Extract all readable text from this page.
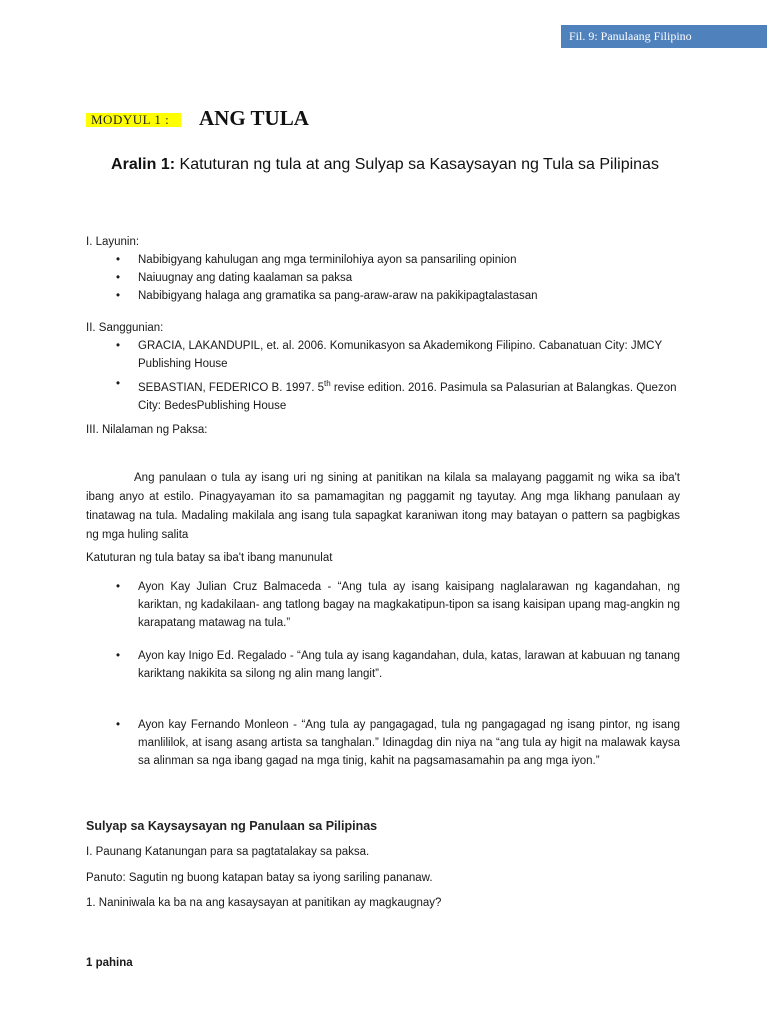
Fil. 9: Panulaang Filipino
MODYUL 1 : ANG TULA
Aralin 1: Katuturan ng tula at ang Sulyap sa Kasaysayan ng Tula sa Pilipinas
I. Layunin:
• Nabibigyang kahulugan ang mga terminilohiya ayon sa pansariling opinion
• Naiuugnay ang dating kaalaman sa paksa
• Nabibigyang halaga ang gramatika sa pang-araw-araw na pakikipagtalastasan
II. Sanggunian:
• GRACIA, LAKANDUPIL, et. al. 2006. Komunikasyon sa Akademikong Filipino. Cabanatuan City: JMCY Publishing House
• SEBASTIAN, FEDERICO B. 1997. 5th revise edition. 2016. Pasimula sa Palasurian at Balangkas. Quezon City: BedesPublishing House
III. Nilalaman ng Paksa:
Ang panulaan o tula ay isang uri ng sining at panitikan na kilala sa malayang paggamit ng wika sa iba't ibang anyo at estilo. Pinagyayaman ito sa pamamagitan ng paggamit ng tayutay. Ang mga likhang panulaan ay tinatawag na tula. Madaling makilala ang isang tula sapagkat karaniwan itong may batayan o pattern sa pagbigkas ng mga huling salita
Katuturan ng tula batay sa iba't ibang manunulat
• Ayon Kay Julian Cruz Balmaceda - “Ang tula ay isang kaisipang naglalarawan ng kagandahan, ng kariktan, ng kadakilaan- ang tatlong bagay na magkakatipun-tipon sa isang kaisipan upang mag-angkin ng karapatang matawag na tula.”
• Ayon kay Inigo Ed. Regalado - “Ang tula ay isang kagandahan, dula, katas, larawan at kabuuan ng tanang kariktang nakikita sa silong ng alin mang langit”.
• Ayon kay Fernando Monleon - “Ang tula ay pangagagad, tula ng pangagagad ng isang pintor, ng isang manlililok, at isang asang artista sa tanghalan.” Idinagdag din niya na “ang tula ay higit na malawak kaysa sa alinman sa nga ibang gagad na mga tinig, kahit na pagsamasamahin pa ang mga iyon.”
Sulyap sa Kaysaysayan ng Panulaan sa Pilipinas
I. Paunang Katanungan para sa pagtatalakay sa paksa.
Panuto: Sagutin ng buong katapan batay sa iyong sariling pananaw.
1. Naniniwala ka ba na ang kasaysayan at panitikan ay magkaugnay?
1 pahina
